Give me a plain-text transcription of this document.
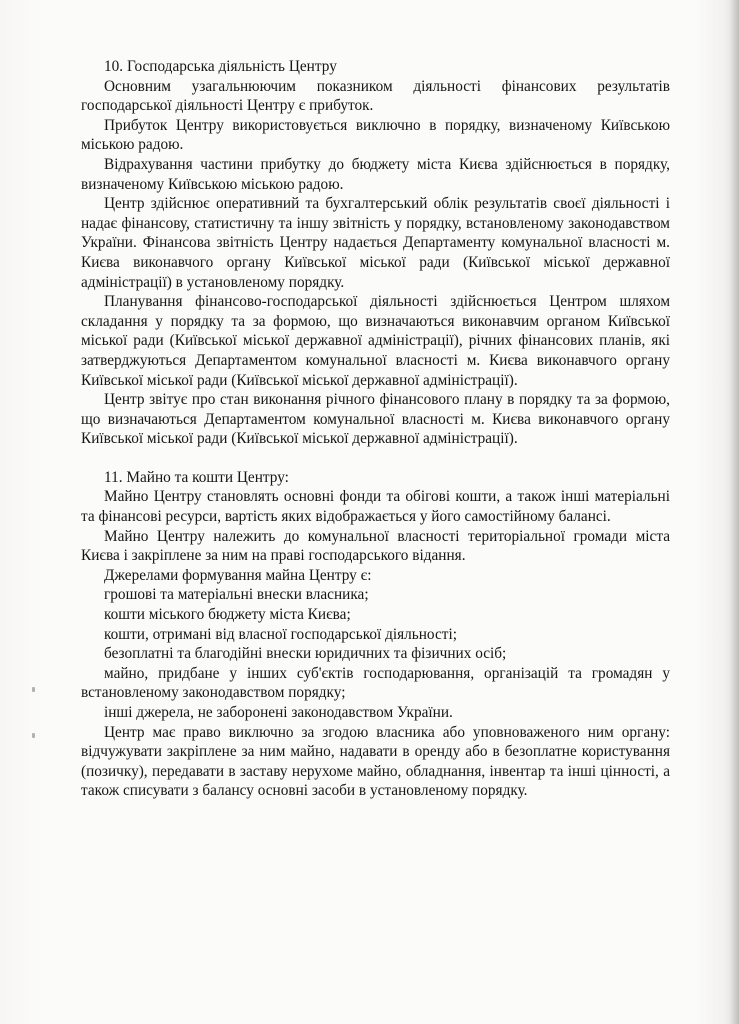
10. Господарська діяльність Центру

Основним узагальнюючим показником діяльності фінансових результатів господарської діяльності Центру є прибуток.

Прибуток Центру використовується виключно в порядку, визначеному Київською міською радою.

Відрахування частини прибутку до бюджету міста Києва здійснюється в порядку, визначеному Київською міською радою.

Центр здійснює оперативний та бухгалтерський облік результатів своєї діяльності і надає фінансову, статистичну та іншу звітність у порядку, встановленому законодавством України. Фінансова звітність Центру надається Департаменту комунальної власності м. Києва виконавчого органу Київської міської ради (Київської міської державної адміністрації) в установленому порядку.

Планування фінансово-господарської діяльності здійснюється Центром шляхом складання у порядку та за формою, що визначаються виконавчим органом Київської міської ради (Київської міської державної адміністрації), річних фінансових планів, які затверджуються Департаментом комунальної власності м. Києва виконавчого органу Київської міської ради (Київської міської державної адміністрації).

Центр звітує про стан виконання річного фінансового плану в порядку та за формою, що визначаються Департаментом комунальної власності м. Києва виконавчого органу Київської міської ради (Київської міської державної адміністрації).

11. Майно та кошти Центру:

Майно Центру становлять основні фонди та обігові кошти, а також інші матеріальні та фінансові ресурси, вартість яких відображається у його самостійному балансі.

Майно Центру належить до комунальної власності територіальної громади міста Києва і закріплене за ним на праві господарського відання.

Джерелами формування майна Центру є:

грошові та матеріальні внески власника;

кошти міського бюджету міста Києва;

кошти, отримані від власної господарської діяльності;

безоплатні та благодійні внески юридичних та фізичних осіб;

майно, придбане у інших суб'єктів господарювання, організацій та громадян у встановленому законодавством порядку;

інші джерела, не заборонені законодавством України.

Центр має право виключно за згодою власника або уповноваженого ним органу: відчужувати закріплене за ним майно, надавати в оренду або в безоплатне користування (позичку), передавати в заставу нерухоме майно, обладнання, інвентар та інші цінності, а також списувати з балансу основні засоби в установленому порядку.
